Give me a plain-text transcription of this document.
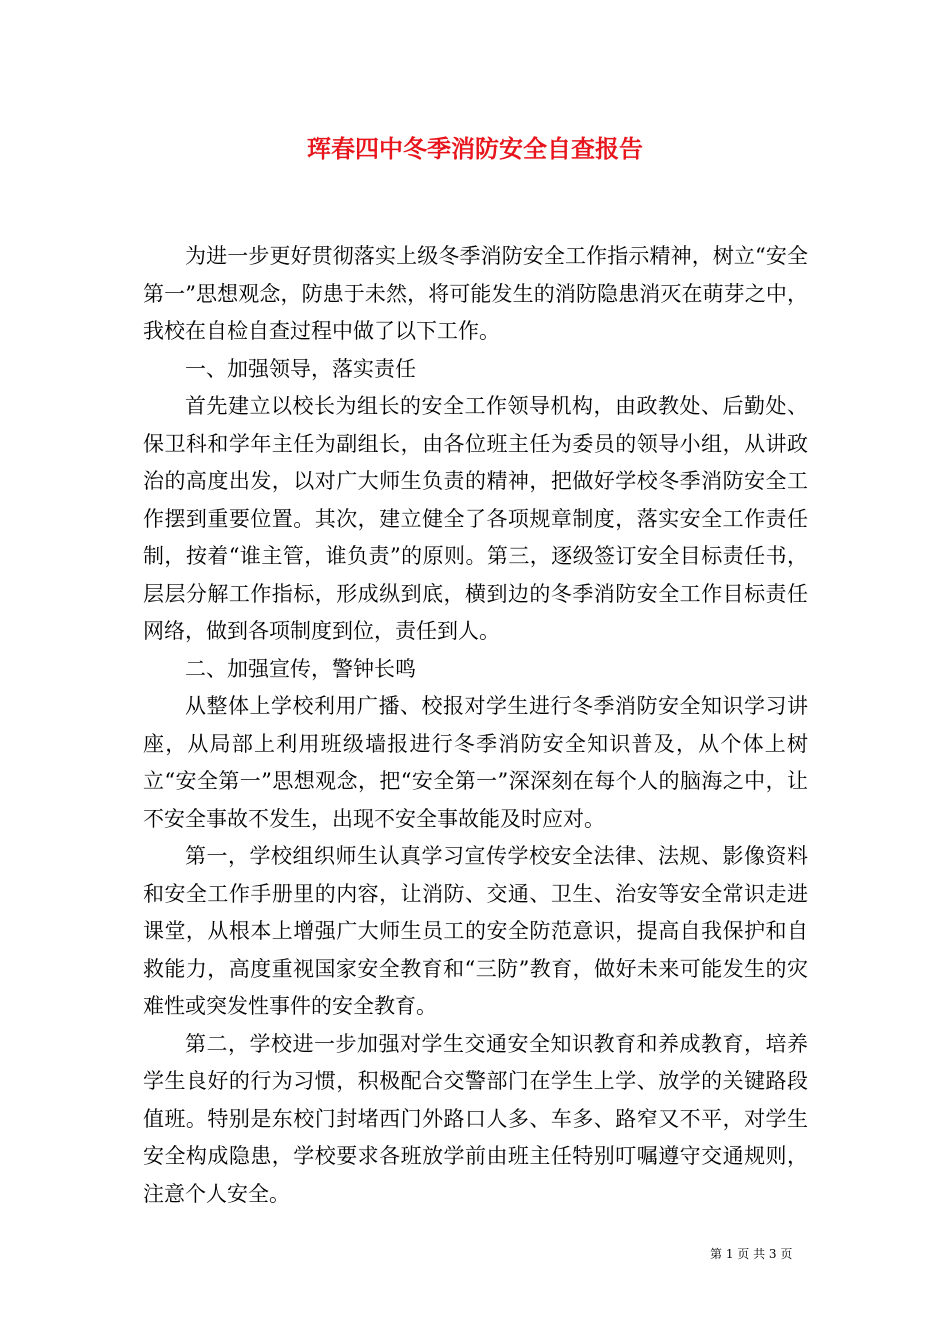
珲春四中冬季消防安全自查报告

为进一步更好贯彻落实上级冬季消防安全工作指示精神，树立“安全第一”思想观念，防患于未然，将可能发生的消防隐患消灭在萌芽之中，我校在自检自查过程中做了以下工作。

一、加强领导，落实责任

首先建立以校长为组长的安全工作领导机构，由政教处、后勤处、保卫科和学年主任为副组长，由各位班主任为委员的领导小组，从讲政治的高度出发，以对广大师生负责的精神，把做好学校冬季消防安全工作摆到重要位置。其次，建立健全了各项规章制度，落实安全工作责任制，按着“谁主管，谁负责”的原则。第三，逐级签订安全目标责任书，层层分解工作指标，形成纵到底，横到边的冬季消防安全工作目标责任网络，做到各项制度到位，责任到人。

二、加强宣传，警钟长鸣

从整体上学校利用广播、校报对学生进行冬季消防安全知识学习讲座，从局部上利用班级墙报进行冬季消防安全知识普及，从个体上树立“安全第一”思想观念，把“安全第一”深深刻在每个人的脑海之中，让不安全事故不发生，出现不安全事故能及时应对。

第一，学校组织师生认真学习宣传学校安全法律、法规、影像资料和安全工作手册里的内容，让消防、交通、卫生、治安等安全常识走进课堂，从根本上增强广大师生员工的安全防范意识，提高自我保护和自救能力，高度重视国家安全教育和“三防”教育，做好未来可能发生的灾难性或突发性事件的安全教育。

第二，学校进一步加强对学生交通安全知识教育和养成教育，培养学生良好的行为习惯，积极配合交警部门在学生上学、放学的关键路段值班。特别是东校门封堵西门外路口人多、车多、路窄又不平，对学生安全构成隐患，学校要求各班放学前由班主任特别叮嘱遵守交通规则，注意个人安全。

第 1 页 共 3 页
